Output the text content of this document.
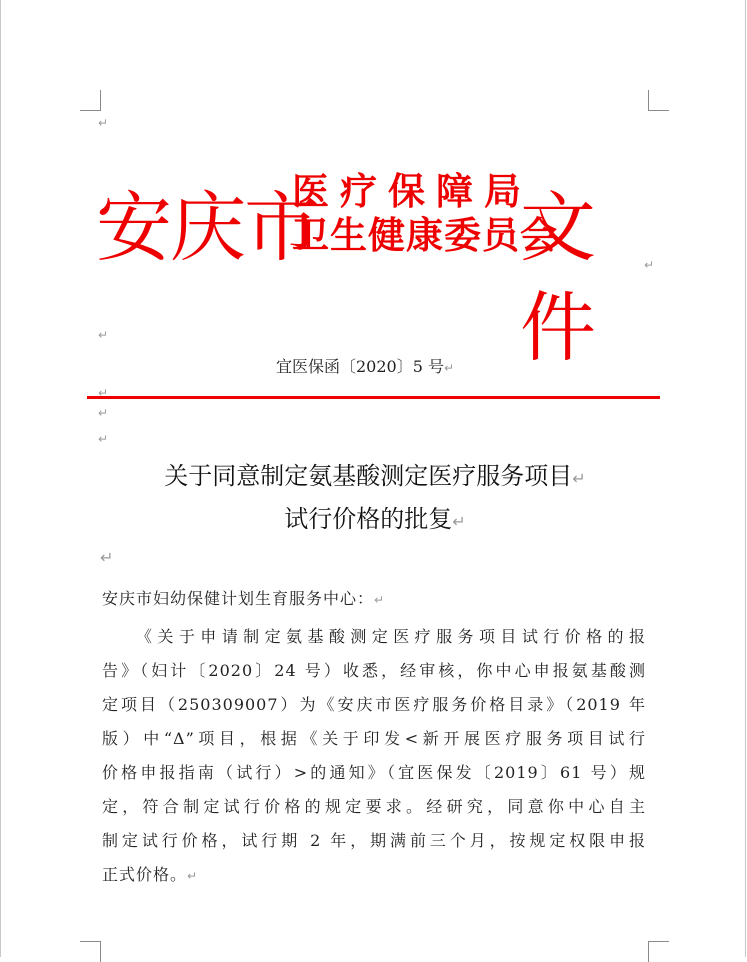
↵
安庆市
医疗保障局
卫生健康委员会
文件
↵
↵
宜医保函〔2020〕5 号↵
↵
↵
↵
关于同意制定氨基酸测定医疗服务项目↵
试行价格的批复↵
↵
安庆市妇幼保健计划生育服务中心：↵
《关于申请制定氨基酸测定医疗服务项目试行价格的报
告》（妇计〔2020〕24 号）收悉，经审核，你中心申报氨基酸测
定项目（250309007）为《安庆市医疗服务价格目录》（2019 年
版）中“Δ”项目，根据《关于印发<新开展医疗服务项目试行
价格申报指南（试行）>的通知》（宜医保发〔2019〕61 号）规
定，符合制定试行价格的规定要求。经研究，同意你中心自主
制定试行价格，试行期 2 年，期满前三个月，按规定权限申报
正式价格。↵
